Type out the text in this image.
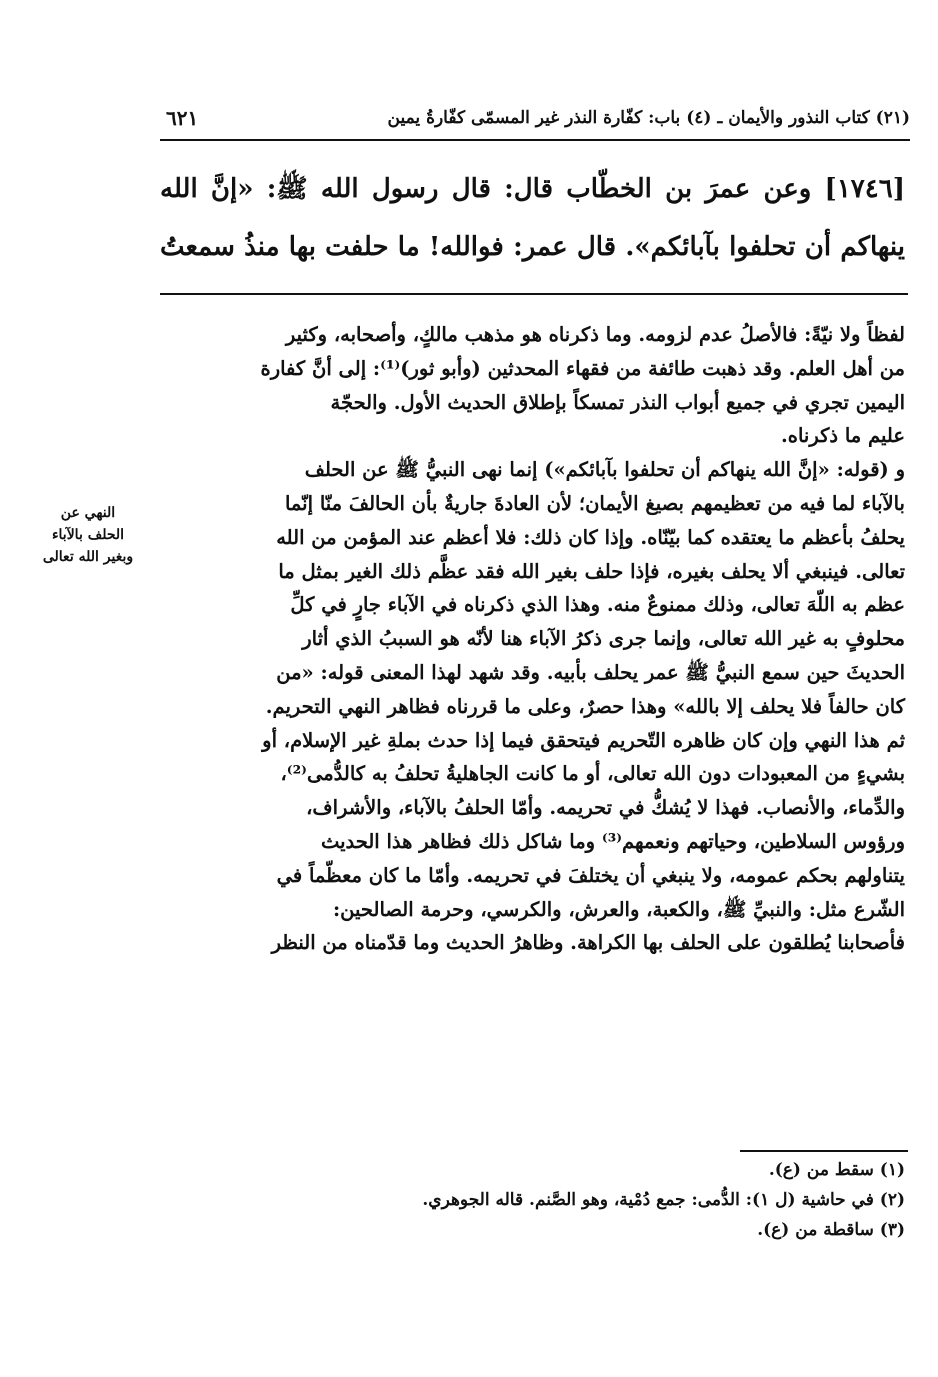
(٢١) كتاب النذور والأيمان ـ (٤) باب: كفّارة النذر غير المسمّى كفّارةُ يمين
٦٢١

[١٧٤٦] وعن عمرَ بن الخطّاب قال: قال رسول الله ﷺ: «إنَّ الله

ينهاكم أن تحلفوا بآبائكم». قال عمر: فوالله! ما حلفت بها منذُ سمعتُ

لفظاً ولا نيّةً: فالأصلُ عدم لزومه. وما ذكرناه هو مذهب مالكٍ، وأصحابه، وكثير
من أهل العلم. وقد ذهبت طائفة من فقهاء المحدثين (وأبو ثور)⁽¹⁾: إلى أنَّ كفارة
اليمين تجري في جميع أبواب النذر تمسكاً بإطلاق الحديث الأول. والحجّة
عليم ما ذكرناه.
و (قوله: «إنَّ الله ينهاكم أن تحلفوا بآبائكم») إنما نهى النبيُّ ﷺ عن الحلف
بالآباء لما فيه من تعظيمهم بصيغ الأيمان؛ لأن العادةَ جاريةٌ بأن الحالفَ منّا إنّما
يحلفُ بأعظم ما يعتقده كما بيّنّاه. وإذا كان ذلك: فلا أعظم عند المؤمن من الله
تعالى. فينبغي ألا يحلف بغيره، فإذا حلف بغير الله فقد عظَّم ذلك الغير بمثل ما
عظم به اللّهَ تعالى، وذلك ممنوعٌ منه. وهذا الذي ذكرناه في الآباء جارٍ في كلِّ
محلوفٍ به غير الله تعالى، وإنما جرى ذكرُ الآباء هنا لأنّه هو السببُ الذي أثار
الحديثَ حين سمع النبيُّ ﷺ عمر يحلف بأبيه. وقد شهد لهذا المعنى قوله: «من
كان حالفاً فلا يحلف إلا بالله» وهذا حصرٌ، وعلى ما قررناه فظاهر النهي التحريم.
ثم هذا النهي وإن كان ظاهره التّحريم فيتحقق فيما إذا حدث بملةِ غير الإسلام، أو
بشيءٍ من المعبودات دون الله تعالى، أو ما كانت الجاهليةُ تحلفُ به كالدُّمى⁽²⁾،
والدِّماء، والأنصاب. فهذا لا يُشكُّ في تحريمه. وأمّا الحلفُ بالآباء، والأشراف،
ورؤوس السلاطين، وحياتهم ونعمهم⁽³⁾ وما شاكل ذلك فظاهر هذا الحديث
يتناولهم بحكم عمومه، ولا ينبغي أن يختلفَ في تحريمه. وأمّا ما كان معظّماً في
الشّرع مثل: والنبيِّ ﷺ، والكعبة، والعرش، والكرسي، وحرمة الصالحين:
فأصحابنا يُطلقون على الحلف بها الكراهة. وظاهرُ الحديث وما قدّمناه من النظر
النهي عن
الحلف بالآباء
وبغير الله تعالى
(١) سقط من (ع).
(٢) في حاشية (ل ١): الدُّمى: جمع دُمْية، وهو الصَّنم. قاله الجوهري.
(٣) ساقطة من (ع).
